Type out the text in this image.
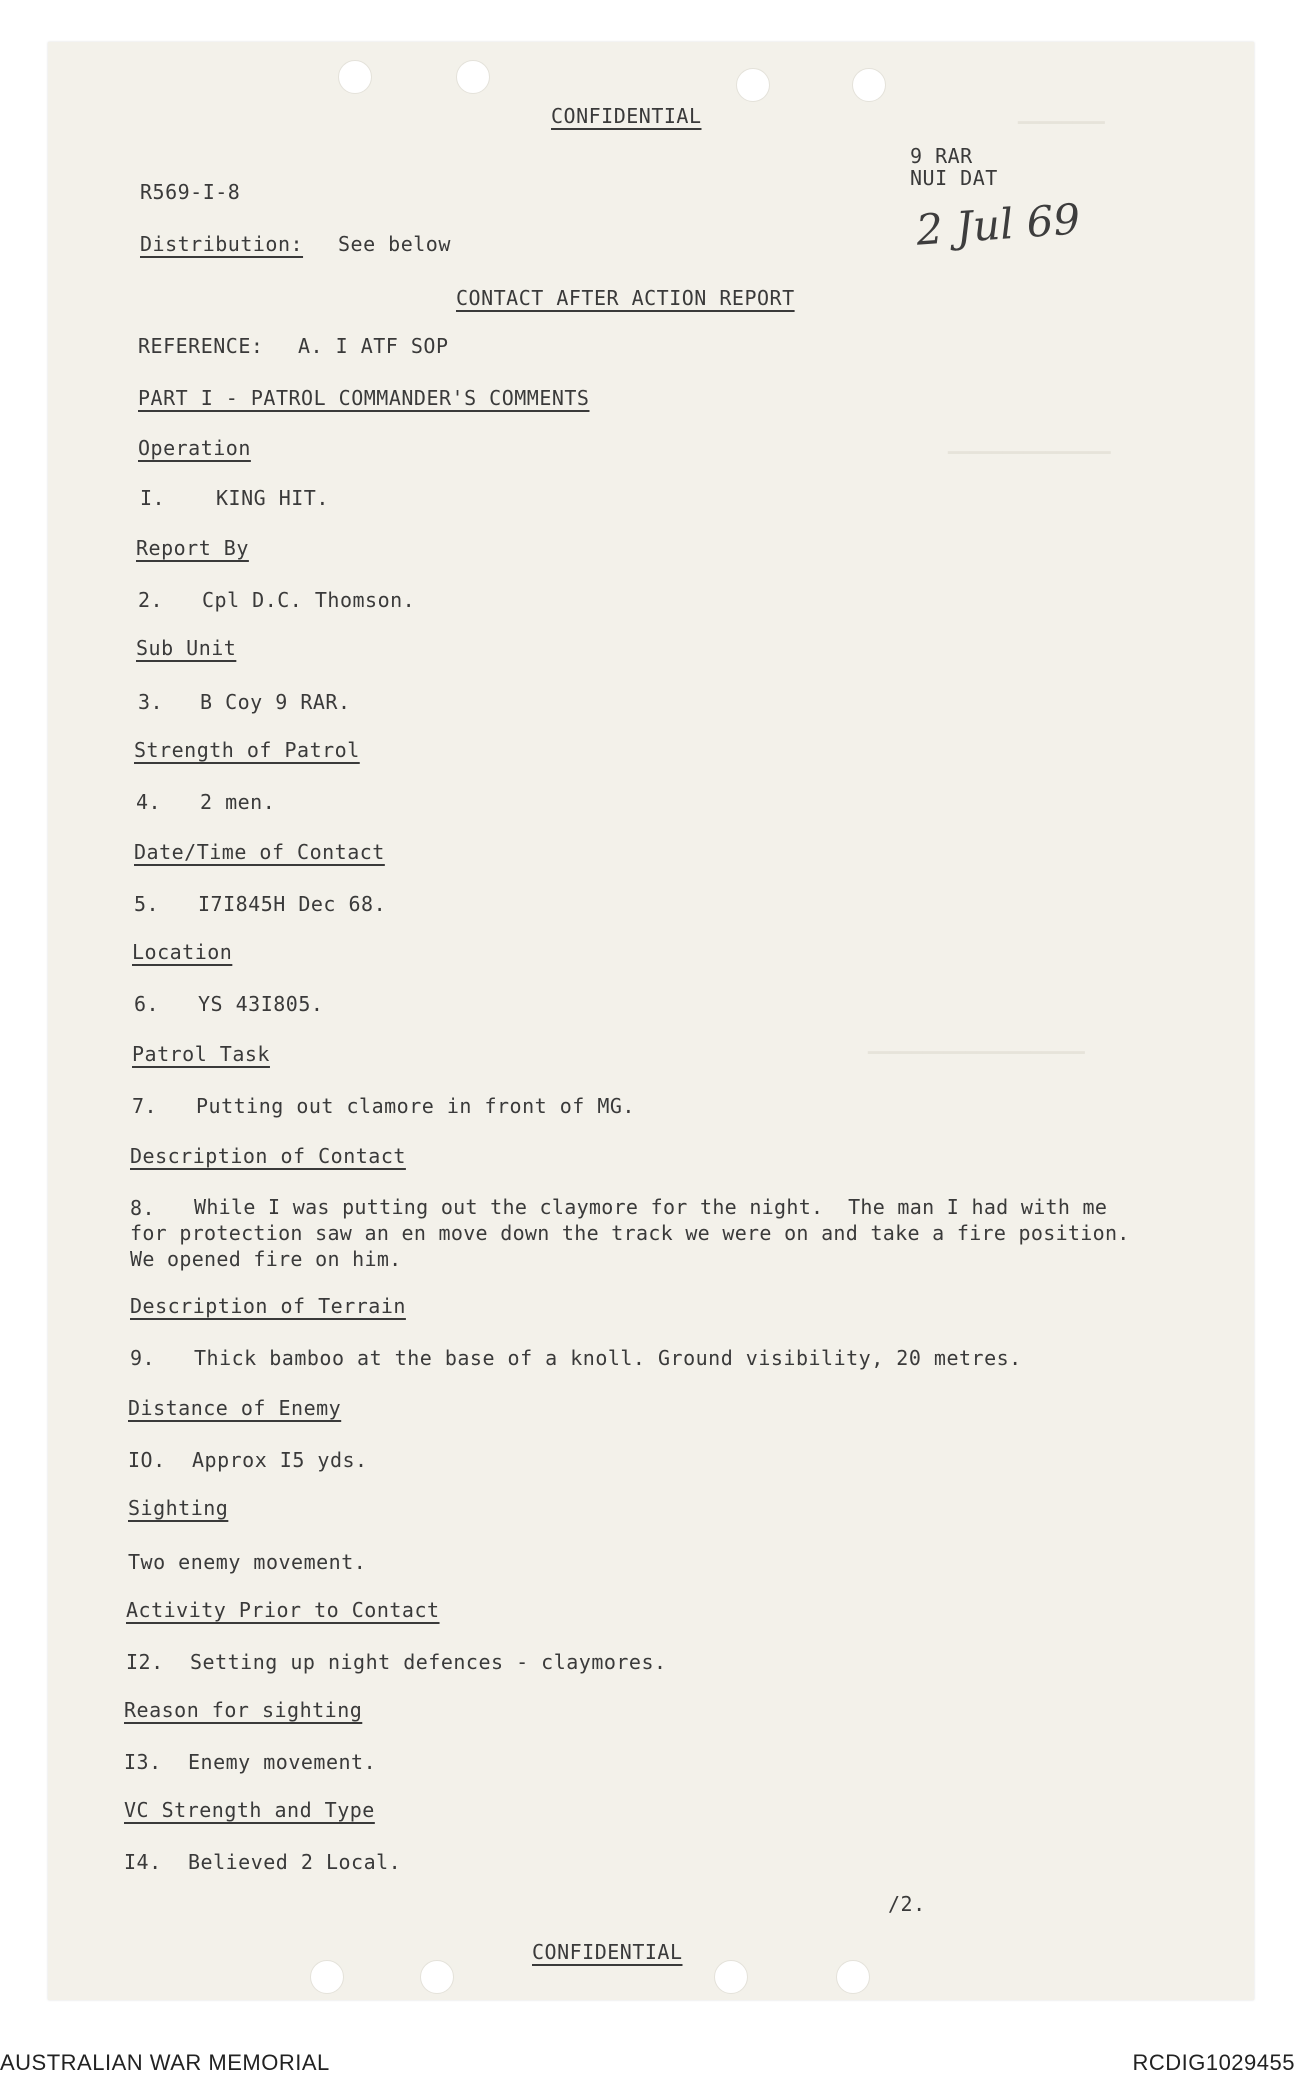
▔▔▔▔▔▔▔▔
▔▔▔▔▔▔▔▔▔▔▔▔▔▔▔
▔▔▔▔▔▔▔▔▔▔▔▔▔▔▔▔▔▔▔▔
CONFIDENTIAL
9 RAR
NUI DAT
2 Jul 69
R569-I-8
Distribution: See below
CONTACT AFTER ACTION REPORT
REFERENCE: A. I ATF SOP
PART I - PATROL COMMANDER'S COMMENTS
Operation
I.	KING HIT.
Report By
2. Cpl D.C. Thomson.
Sub Unit
3. B Coy 9 RAR.
Strength of Patrol
4. 2 men.
Date/Time of Contact
5. I7I845H Dec 68.
Location
6. YS 43I805.
Patrol Task
7. Putting out clamore in front of MG.
Description of Contact
8.	While I was putting out the claymore for the night.  The man I had with me
for protection saw an en move down the track we were on and take a fire position.
We opened fire on him.
Description of Terrain
9. Thick bamboo at the base of a knoll. Ground visibility, 20 metres.
Distance of Enemy
IO. Approx I5 yds.
Sighting
Two enemy movement.
Activity Prior to Contact
I2. Setting up night defences - claymores.
Reason for sighting
I3. Enemy movement.
VC Strength and Type
I4. Believed 2 Local.
/2.
CONFIDENTIAL
AUSTRALIAN WAR MEMORIAL	RCDIG1029455
